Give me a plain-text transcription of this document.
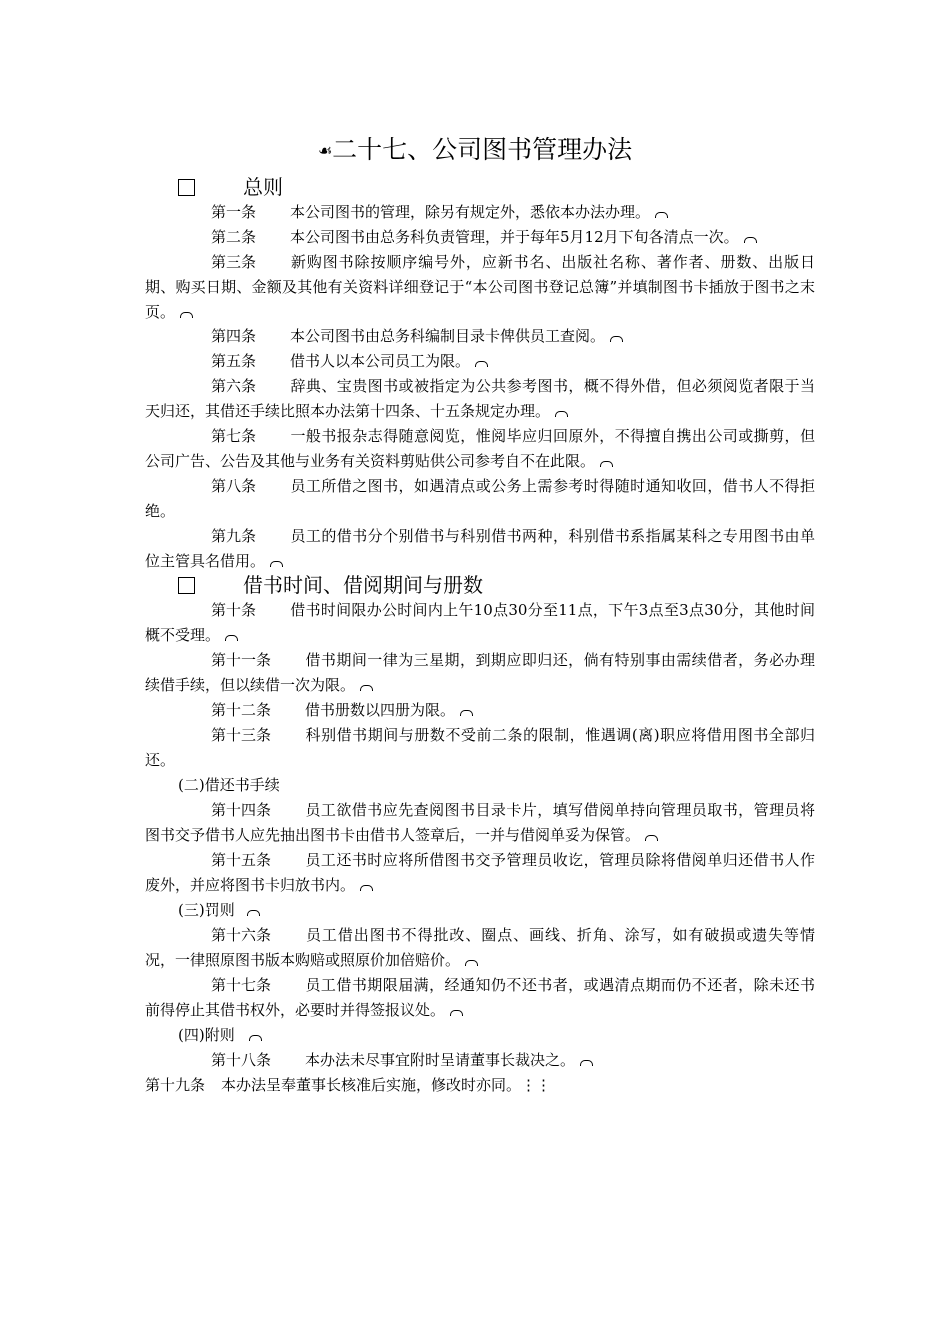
☙二十七、公司图书管理办法
总则
第一条 本公司图书的管理，除另有规定外，悉依本办法办理。
第二条 本公司图书由总务科负责管理，并于每年5月12月下旬各清点一次。
第三条 新购图书除按顺序编号外，应新书名、出版社名称、著作者、册数、出版日期、购买日期、金额及其他有关资料详细登记于“本公司图书登记总簿”并填制图书卡插放于图书之末页。
第四条 本公司图书由总务科编制目录卡俾供员工查阅。
第五条 借书人以本公司员工为限。
第六条 辞典、宝贵图书或被指定为公共参考图书，概不得外借，但必须阅览者限于当天归还，其借还手续比照本办法第十四条、十五条规定办理。
第七条 一般书报杂志得随意阅览，惟阅毕应归回原外，不得擅自携出公司或撕剪，但公司广告、公告及其他与业务有关资料剪贴供公司参考自不在此限。
第八条 员工所借之图书，如遇清点或公务上需参考时得随时通知收回，借书人不得拒绝。
第九条 员工的借书分个别借书与科别借书两种，科别借书系指属某科之专用图书由单位主管具名借用。
借书时间、借阅期间与册数
第十条 借书时间限办公时间内上午10点30分至11点，下午3点至3点30分，其他时间概不受理。
第十一条 借书期间一律为三星期，到期应即归还，倘有特别事由需续借者，务必办理续借手续，但以续借一次为限。
第十二条 借书册数以四册为限。
第十三条 科别借书期间与册数不受前二条的限制，惟遇调(离)职应将借用图书全部归还。
(二)借还书手续
第十四条 员工欲借书应先查阅图书目录卡片，填写借阅单持向管理员取书，管理员将图书交予借书人应先抽出图书卡由借书人签章后，一并与借阅单妥为保管。
第十五条 员工还书时应将所借图书交予管理员收讫，管理员除将借阅单归还借书人作废外，并应将图书卡归放书内。
(三)罚则
第十六条 员工借出图书不得批改、圈点、画线、折角、涂写，如有破损或遗失等情况，一律照原图书版本购赔或照原价加倍赔价。
第十七条 员工借书期限届满，经通知仍不还书者，或遇清点期而仍不还者，除未还书前得停止其借书权外，必要时并得签报议处。
(四)附则
第十八条 本办法未尽事宜附时呈请董事长裁决之。
第十九条 本办法呈奉董事长核准后实施，修改时亦同。⋮⋮
